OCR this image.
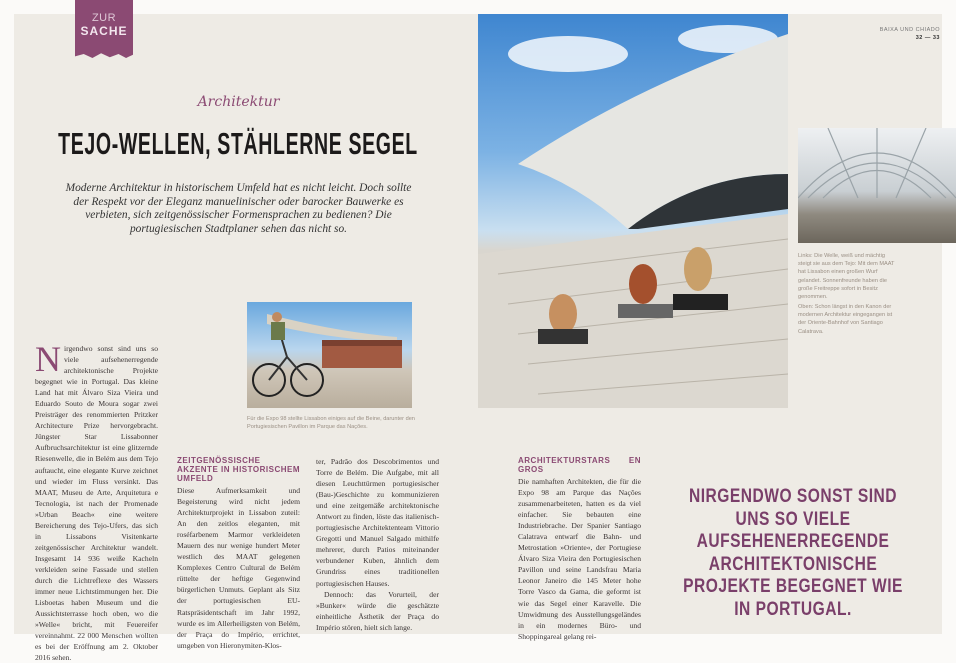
ZUR
SACHE	BAIXA UND CHIADO
32 — 33
Architektur
TEJO-WELLEN, STÄHLERNE SEGEL
Moderne Architektur in historischem Umfeld hat es nicht leicht. Doch sollte der Respekt vor der Eleganz manuelinischer oder barocker Bauwerke es verbieten, sich zeitgenössischer Formensprachen zu bedienen? Die portugiesischen Stadtplaner sehen das nicht so.
Für die Expo 98 stellte Lissabon einiges auf die Beine, darunter den Portugiesischen Pavillon im Parque das Nações.
Links: Die Welle, weiß und mächtig steigt sie aus dem Tejo: Mit dem MAAT hat Lissabon einen großen Wurf gelandet. Sonnenfreunde haben die große Freitreppe sofort in Besitz genommen.
Oben: Schon längst in den Kanon der modernen Architektur eingegangen ist der Oriente-Bahnhof von Santiago Calatrava.
Nirgendwo sonst sind uns so viele aufsehenerregende architektonische Projekte begegnet wie in Portugal. Das kleine Land hat mit Álvaro Siza Vieira und Eduardo Souto de Moura sogar zwei Preisträger des renommierten Pritzker Architecture Prize hervorgebracht. Jüngster Star Lissabonner Aufbruchsarchitektur ist eine glitzernde Riesenwelle, die in Belém aus dem Tejo auftaucht, eine elegante Kurve zeichnet und wieder im Fluss versinkt. Das MAAT, Museu de Arte, Arquitetura e Tecnologia, ist nach der Promenade »Urban Beach« eine weitere Bereicherung des Tejo-Ufers, das sich in Lissabons Visitenkarte zeitgenössischer Architektur wandelt. Insgesamt 14 936 weiße Kacheln verkleiden seine Fassade und stellen durch die Lichtreflexe des Wassers immer neue Lichtstimmungen her. Die Lisboetas haben Museum und die Aussichtsterrasse hoch oben, wo die »Welle« bricht, mit Feuereifer vereinnahmt. 22 000 Menschen wollten es bei der Eröffnung am 2. Oktober 2016 sehen.
ZEITGENÖSSISCHE AKZENTE IN HISTORISCHEM UMFELD

Diese Aufmerksamkeit und Begeisterung wird nicht jedem Architekturprojekt in Lissabon zuteil: An den zeitlos eleganten, mit roséfarbenem Marmor verkleideten Mauern des nur wenige hundert Meter westlich des MAAT gelegenen Komplexes Centro Cultural de Belém rüttelte der heftige Gegenwind bürgerlichen Unmuts. Geplant als Sitz der portugiesischen EU-Ratspräsidentschaft im Jahr 1992, wurde es im Allerheiligsten von Belém, der Praça do Império, errichtet, umgeben von Hieronymiten-Klos-

ter, Padrão dos Descobrimentos und Torre de Belém. Die Aufgabe, mit all diesen Leuchttürmen portugiesischer (Bau-)Geschichte zu kommunizieren und eine zeitgemäße architektonische Antwort zu finden, löste das italienisch-portugiesische Architektenteam Vittorio Gregotti und Manuel Salgado mithilfe mehrerer, durch Patios miteinander verbundener Kuben, ähnlich dem Grundriss eines traditionellen portugiesischen Hauses.

Dennoch: das Vorurteil, der »Bunker« würde die geschätzte einheitliche Ästhetik der Praça do Império stören, hielt sich lange.

ARCHITEKTURSTARS EN GROS

Die namhaften Architekten, die für die Expo 98 am Parque das Nações zusammenarbeiteten, hatten es da viel einfacher. Sie bebauten eine Industriebrache. Der Spanier Santiago Calatrava entwarf die Bahn- und Metrostation »Oriente«, der Portugiese Álvaro Siza Vieira den Portugiesischen Pavillon und seine Landsfrau Maria Leonor Janeiro die 145 Meter hohe Torre Vasco da Gama, die geformt ist wie das Segel einer Karavelle. Die Umwidmung des Ausstellungsgeländes in ein modernes Büro- und Shoppingareal gelang rei-

NIRGENDWO SONST SIND UNS SO VIELE AUFSEHENERREGENDE ARCHITEKTONISCHE PROJEKTE BEGEGNET WIE IN PORTUGAL.
